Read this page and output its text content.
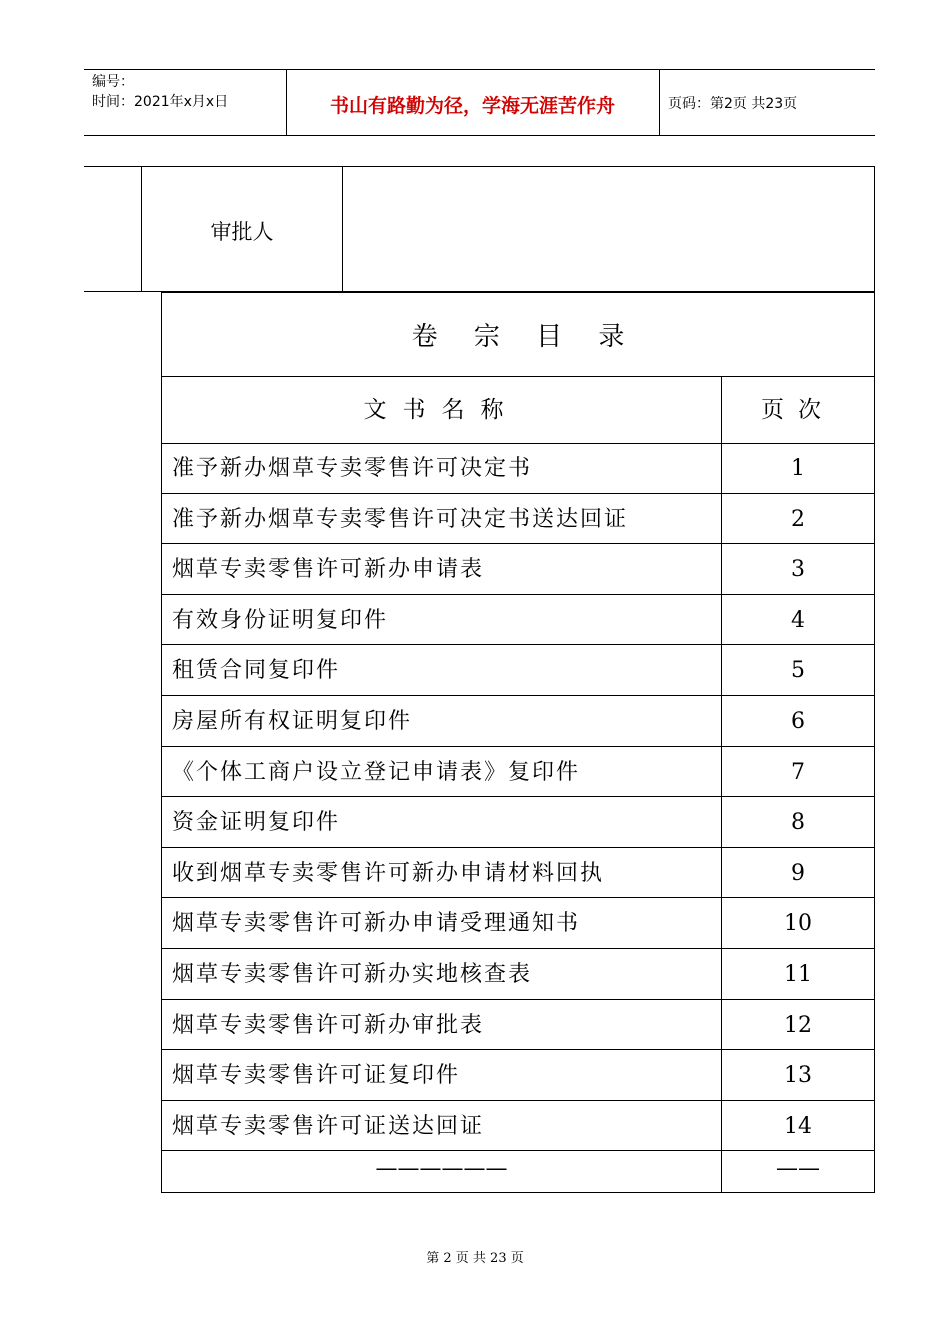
编号：
时间：2021年x月x日	书山有路勤为径，学海无涯苦作舟	页码：第2页 共23页
审批人
卷 宗 目 录
文书名称	页次
准予新办烟草专卖零售许可决定书	1
准予新办烟草专卖零售许可决定书送达回证	2
烟草专卖零售许可新办申请表	3
有效身份证明复印件	4
租赁合同复印件	5
房屋所有权证明复印件	6
《个体工商户设立登记申请表》复印件	7
资金证明复印件	8
收到烟草专卖零售许可新办申请材料回执	9
烟草专卖零售许可新办申请受理通知书	10
烟草专卖零售许可新办实地核查表	11
烟草专卖零售许可新办审批表	12
烟草专卖零售许可证复印件	13
烟草专卖零售许可证送达回证	14
——————	——
第 2 页 共 23 页
